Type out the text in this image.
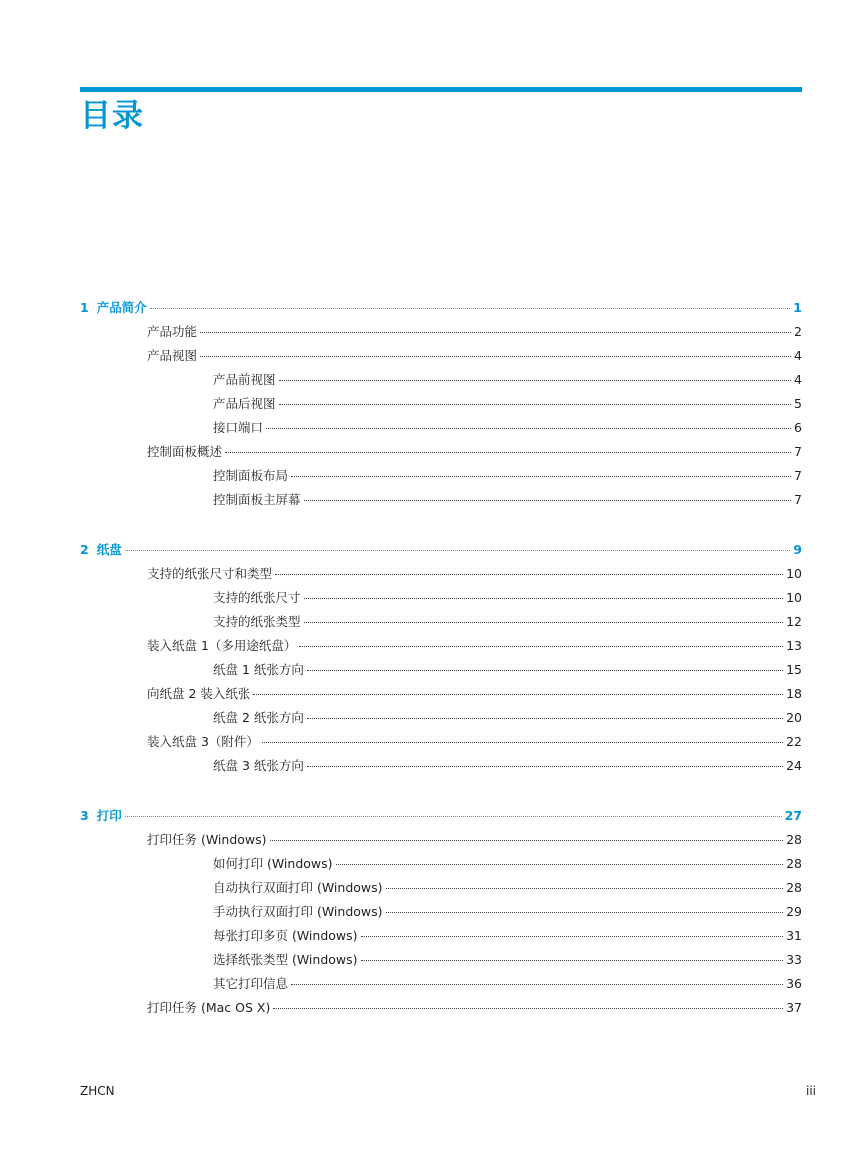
目录
1 产品简介	1
产品功能	2
产品视图	4
产品前视图	4
产品后视图	5
接口端口	6
控制面板概述	7
控制面板布局	7
控制面板主屏幕	7
2 纸盘	9
支持的纸张尺寸和类型	10
支持的纸张尺寸	10
支持的纸张类型	12
装入纸盘 1（多用途纸盘）	13
纸盘 1 纸张方向	15
向纸盘 2 装入纸张	18
纸盘 2 纸张方向	20
装入纸盘 3（附件）	22
纸盘 3 纸张方向	24
3 打印	27
打印任务 (Windows)	28
如何打印 (Windows)	28
自动执行双面打印 (Windows)	28
手动执行双面打印 (Windows)	29
每张打印多页 (Windows)	31
选择纸张类型 (Windows)	33
其它打印信息	36
打印任务 (Mac OS X)	37
ZHCN	iii
